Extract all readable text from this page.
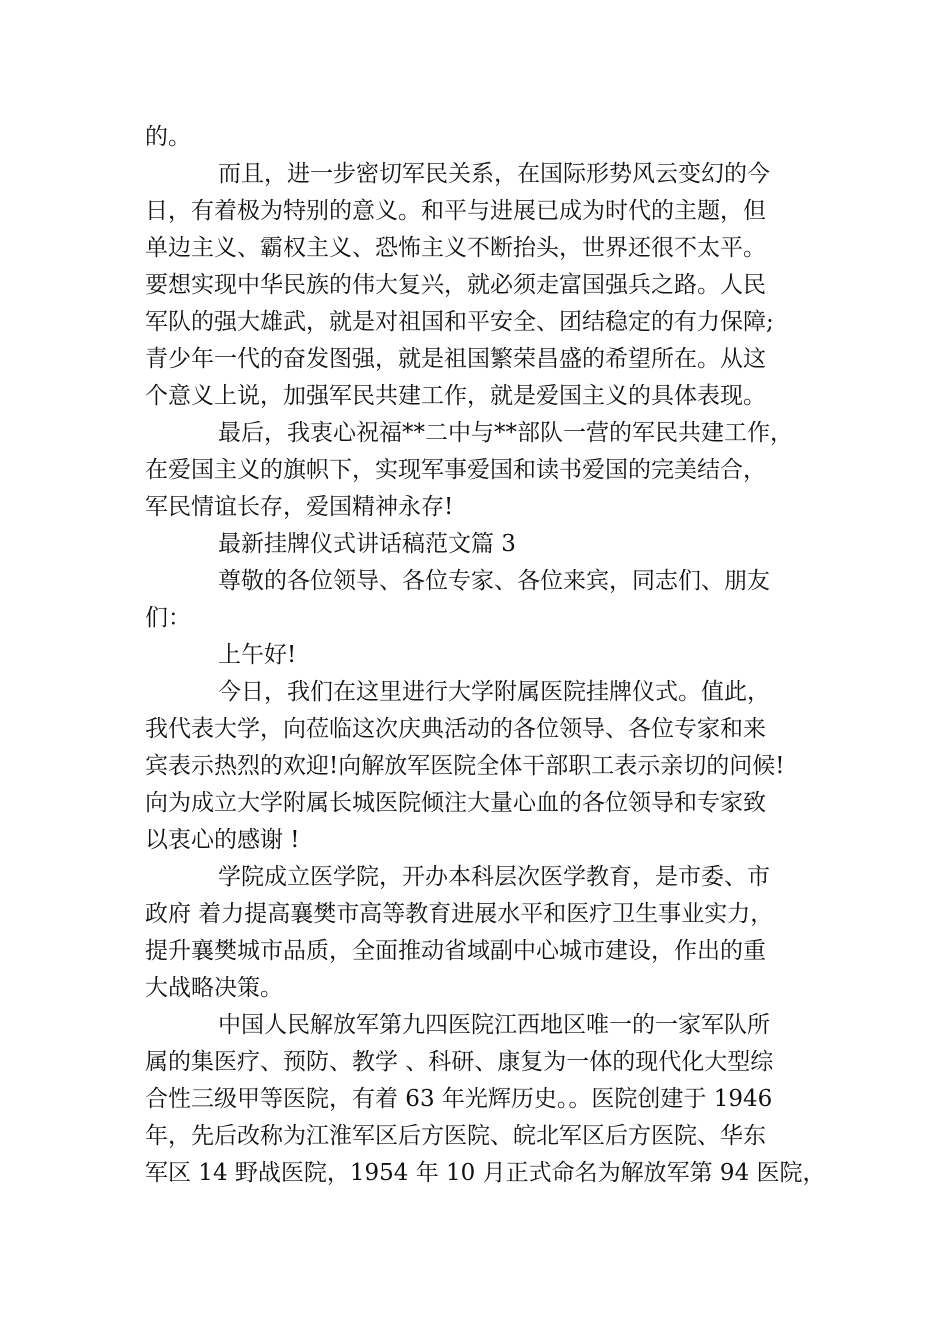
的。
而且，进一步密切军民关系，在国际形势风云变幻的今
日，有着极为特别的意义。和平与进展已成为时代的主题，但
单边主义、霸权主义、恐怖主义不断抬头，世界还很不太平。
要想实现中华民族的伟大复兴，就必须走富国强兵之路。人民
军队的强大雄武，就是对祖国和平安全、团结稳定的有力保障;
青少年一代的奋发图强，就是祖国繁荣昌盛的希望所在。从这
个意义上说，加强军民共建工作，就是爱国主义的具体表现。
最后，我衷心祝福**二中与**部队一营的军民共建工作，
在爱国主义的旗帜下，实现军事爱国和读书爱国的完美结合，
军民情谊长存，爱国精神永存!
最新挂牌仪式讲话稿范文篇 3
尊敬的各位领导、各位专家、各位来宾，同志们、朋友
们：
上午好!
今日，我们在这里进行大学附属医院挂牌仪式。值此，
我代表大学，向莅临这次庆典活动的各位领导、各位专家和来
宾表示热烈的欢迎!向解放军医院全体干部职工表示亲切的问候!
向为成立大学附属长城医院倾注大量心血的各位领导和专家致
以衷心的感谢 !
学院成立医学院，开办本科层次医学教育，是市委、市
政府 着力提高襄樊市高等教育进展水平和医疗卫生事业实力，
提升襄樊城市品质，全面推动省域副中心城市建设，作出的重
大战略决策。
中国人民解放军第九四医院江西地区唯一的一家军队所
属的集医疗、预防、教学 、科研、康复为一体的现代化大型综
合性三级甲等医院，有着 63 年光辉历史。。医院创建于 1946
年，先后改称为江淮军区后方医院、皖北军区后方医院、华东
军区 14 野战医院，1954 年 10 月正式命名为解放军第 94 医院，
